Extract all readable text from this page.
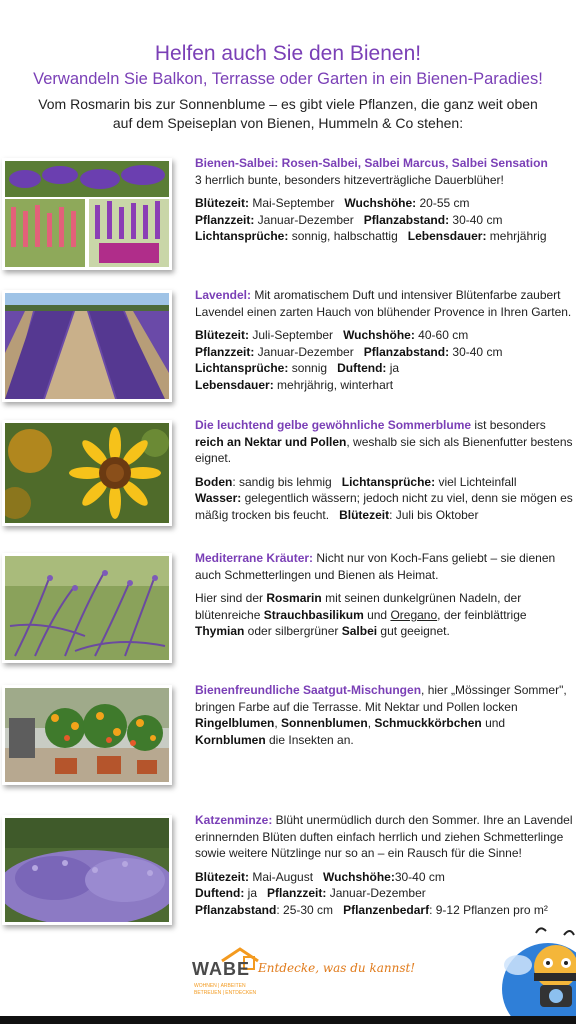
Helfen auch Sie den Bienen!
Verwandeln Sie Balkon, Terrasse oder Garten in ein Bienen-Paradies!
Vom Rosmarin bis zur Sonnenblume – es gibt viele Pflanzen, die ganz weit oben auf dem Speiseplan von Bienen, Hummeln & Co stehen:

Bienen-Salbei: Rosen-Salbei, Salbei Marcus, Salbei Sensation

3 herrlich bunte, besonders hitzeverträgliche Dauerblüher!

Blütezeit: Mai-September Wuchshöhe: 20-55 cm

Pflanzzeit: Januar-Dezember Pflanzabstand: 30-40 cm

Lichtansprüche: sonnig, halbschattig Lebensdauer: mehrjährig

Lavendel: Mit aromatischem Duft und intensiver Blütenfarbe zaubert Lavendel einen zarten Hauch von blühender Provence in Ihren Garten.

Blütezeit: Juli-September Wuchshöhe: 40-60 cm

Pflanzzeit: Januar-Dezember Pflanzabstand: 30-40 cm

Lichtansprüche: sonnig Duftend: ja

Lebensdauer: mehrjährig, winterhart

Die leuchtend gelbe gewöhnliche Sommerblume ist besonders reich an Nektar und Pollen, weshalb sie sich als Bienenfutter bestens eignet.

Boden: sandig bis lehmig Lichtansprüche: viel Lichteinfall

Wasser: gelegentlich wässern; jedoch nicht zu viel, denn sie mögen es mäßig trocken bis feucht. Blütezeit: Juli bis Oktober

Mediterrane Kräuter: Nicht nur von Koch-Fans geliebt – sie dienen auch Schmetterlingen und Bienen als Heimat.

Hier sind der Rosmarin mit seinen dunkelgrünen Nadeln, der blütenreiche Strauchbasilikum und Oregano, der feinblättrige Thymian oder silbergrüner Salbei gut geeignet.

Bienenfreundliche Saatgut-Mischungen, hier „Mössinger Sommer", bringen Farbe auf die Terrasse. Mit Nektar und Pollen locken Ringelblumen, Sonnenblumen, Schmuckkörbchen und Kornblumen die Insekten an.

Katzenminze: Blüht unermüdlich durch den Sommer. Ihre an Lavendel erinnernden Blüten duften einfach herrlich und ziehen Schmetterlinge sowie weitere Nützlinge nur so an – ein Rausch für die Sinne!

Blütezeit: Mai-August Wuchshöhe:30-40 cm

Duftend: ja Pflanzzeit: Januar-Dezember

Pflanzabstand: 25-30 cm Pflanzenbedarf: 9-12 Pflanzen pro m²

WABE
WOHNEN | ARBEITEN
BETREUEN | ENTDECKEN
Entdecke, was du kannst!
